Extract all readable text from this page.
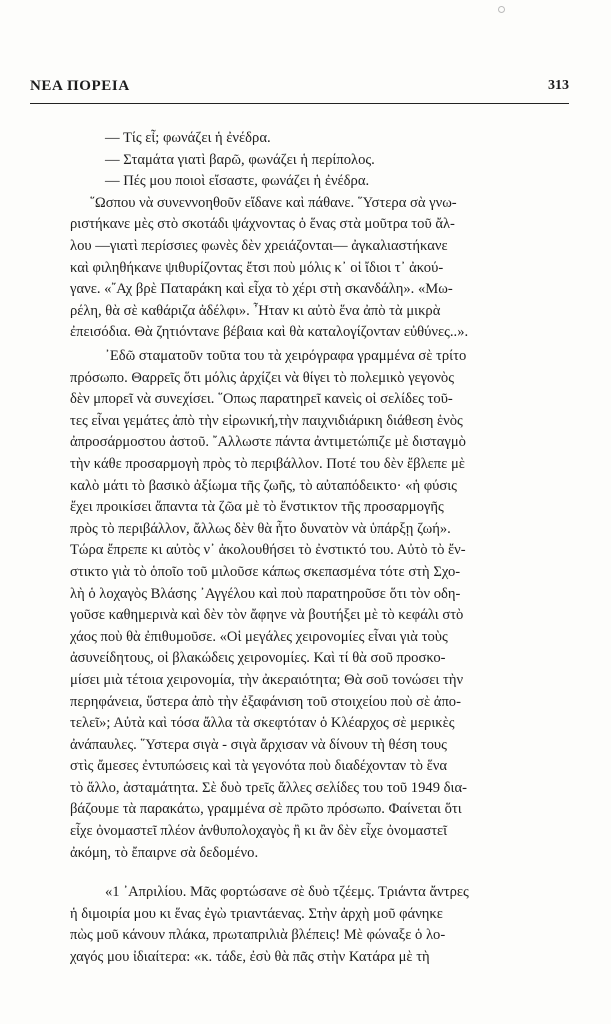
ΝΕΑ ΠΟΡΕΙΑ	313
— Τίς εἶ; φωνάζει ἡ ἐνέδρα.
— Σταμάτα γιατὶ βαρῶ, φωνάζει ἡ περίπολος.
— Πές μου ποιοὶ εἴσαστε, φωνάζει ἡ ἐνέδρα.
῞Ωσπου νὰ συνεννοηθοῦν εἴδανε καὶ πάθανε. ῞Υστερα σὰ γνω-
ριστήκανε μὲς στὸ σκοτάδι ψάχνοντας ὁ ἕνας στὰ μοῦτρα τοῦ ἄλ-
λου —γιατὶ περίσσιες φωνὲς δὲν χρειάζονται— ἀγκαλιαστήκανε
καὶ φιληθήκανε ψιθυρίζοντας ἔτσι ποὺ μόλις κ᾽ οἱ ἴδιοι τ᾽ ἀκού-
γανε. «῎Αχ βρὲ Παταράκη καὶ εἶχα τὸ χέρι στὴ σκανδάλη». «Μω-
ρέλη, θὰ σὲ καθάριζα ἀδέλφι». ῏Ηταν κι αὐτὸ ἕνα ἀπὸ τὰ μικρὰ
ἐπεισόδια. Θὰ ζητιόντανε βέβαια καὶ θὰ καταλογίζονταν εὐθύνες..».
᾽Εδῶ σταματοῦν τοῦτα του τὰ χειρόγραφα γραμμένα σὲ τρίτο
πρόσωπο. Θαρρεῖς ὅτι μόλις ἀρχίζει νὰ θίγει τὸ πολεμικὸ γεγονὸς
δὲν μπορεῖ νὰ συνεχίσει. ῞Οπως παρατηρεῖ κανεὶς οἱ σελίδες τοῦ-
τες εἶναι γεμάτες ἀπὸ τὴν εἰρωνική,τὴν παιχνιδιάρικη διάθεση ἑνὸς
ἀπροσάρμοστου ἀστοῦ. ῎Αλλωστε πάντα ἀντιμετώπιζε μὲ δισταγμὸ
τὴν κάθε προσαρμογὴ πρὸς τὸ περιβάλλον. Ποτέ του δὲν ἔβλεπε μὲ
καλὸ μάτι τὸ βασικὸ ἀξίωμα τῆς ζωῆς, τὸ αὐταπόδεικτο· «ἡ φύσις
ἔχει προικίσει ἅπαντα τὰ ζῶα μὲ τὸ ἔνστικτον τῆς προσαρμογῆς
πρὸς τὸ περιβάλλον, ἄλλως δὲν θὰ ἦτο δυνατὸν νὰ ὑπάρξῃ ζωή».
Τώρα ἔπρεπε κι αὐτὸς ν᾽ ἀκολουθήσει τὸ ἐνστικτό του. Αὐτὸ τὸ ἔν-
στικτο γιὰ τὸ ὁποῖο τοῦ μιλοῦσε κάπως σκεπασμένα τότε στὴ Σχο-
λὴ ὁ λοχαγὸς Βλάσης ᾽Αγγέλου καὶ ποὺ παρατηροῦσε ὅτι τὸν οδη-
γοῦσε καθημερινὰ καὶ δὲν τὸν ἄφηνε νὰ βουτήξει μὲ τὸ κεφάλι στὸ
χάος ποὺ θὰ ἐπιθυμοῦσε. «Οἱ μεγάλες χειρονομίες εἶναι γιὰ τοὺς
ἀσυνείδητους, οἱ βλακώδεις χειρονομίες. Καὶ τί θὰ σοῦ προσκο-
μίσει μιὰ τέτοια χειρονομία, τὴν ἀκεραιότητα; Θὰ σοῦ τονώσει τὴν
περηφάνεια, ὕστερα ἀπὸ τὴν ἐξαφάνιση τοῦ στοιχείου ποὺ σὲ ἀπο-
τελεῖ»; Αὐτὰ καὶ τόσα ἄλλα τὰ σκεφτόταν ὁ Κλέαρχος σὲ μερικὲς
ἀνάπαυλες. ῞Υστερα σιγὰ - σιγὰ ἄρχισαν νὰ δίνουν τὴ θέση τους
στὶς ἄμεσες ἐντυπώσεις καὶ τὰ γεγονότα ποὺ διαδέχονταν τὸ ἕνα
τὸ ἄλλο, ἀσταμάτητα. Σὲ δυὸ τρεῖς ἄλλες σελίδες του τοῦ 1949 δια-
βάζουμε τὰ παρακάτω, γραμμένα σὲ πρῶτο πρόσωπο. Φαίνεται ὅτι
εἶχε ὀνομαστεῖ πλέον ἀνθυπολοχαγὸς ἢ κι ἂν δὲν εἶχε ὀνομαστεῖ
ἀκόμη, τὸ ἔπαιρνε σὰ δεδομένο.
«1 ᾽Απριλίου. Μᾶς φορτώσανε σὲ δυὸ τζέεμς. Τριάντα ἄντρες
ἡ διμοιρία μου κι ἕνας ἐγὼ τριαντάενας. Στὴν ἀρχὴ μοῦ φάνηκε
πὼς μοῦ κάνουν πλάκα, πρωταπριλιὰ βλέπεις! Μὲ φώναξε ὁ λο-
χαγός μου ἰδιαίτερα: «κ. τάδε, ἐσὺ θὰ πᾶς στὴν Κατάρα μὲ τὴ
